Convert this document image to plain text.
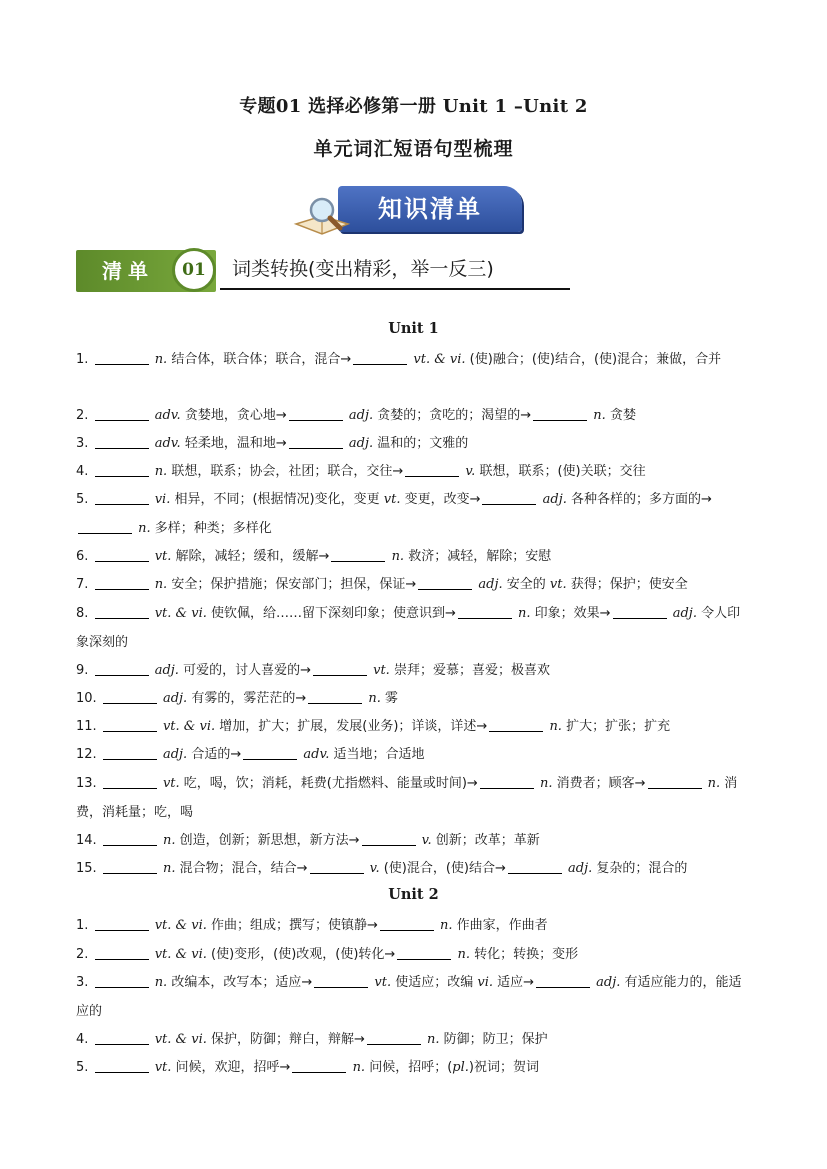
专题01 选择必修第一册 Unit 1 –Unit 2
单元词汇短语句型梳理
知识清单
清单	01	词类转换(变出精彩，举一反三)
Unit 1
1.	n. 结合体，联合体；联合，混合→	vt. & vi. (使)融合；(使)结合，(使)混合；兼做，合并
2.	adv. 贪婪地，贪心地→	adj. 贪婪的；贪吃的；渴望的→	n. 贪婪
3.	adv. 轻柔地，温和地→	adj. 温和的；文雅的
4.	n. 联想，联系；协会，社团；联合，交往→	v. 联想，联系；(使)关联；交往
5.	vi. 相异，不同；(根据情况)变化，变更 vt. 变更，改变→	adj. 各种各样的；多方面的→ n. 多样；种类；多样化
6.	vt. 解除，减轻；缓和，缓解→	n. 救济；减轻，解除；安慰
7.	n. 安全；保护措施；保安部门；担保，保证→	adj. 安全的 vt. 获得；保护；使安全
8.	vt. & vi. 使钦佩，给……留下深刻印象；使意识到→	n. 印象；效果→	adj. 令人印象深刻的
9.	adj. 可爱的，讨人喜爱的→	vt. 崇拜；爱慕；喜爱；极喜欢
10.	adj. 有雾的，雾茫茫的→	n. 雾
11.	vt. & vi. 增加，扩大；扩展，发展(业务)；详谈，详述→	n. 扩大；扩张；扩充
12.	adj. 合适的→	adv. 适当地；合适地
13.	vt. 吃，喝，饮；消耗，耗费(尤指燃料、能量或时间)→	n. 消费者；顾客→	n. 消费，消耗量；吃，喝
14.	n. 创造，创新；新思想，新方法→	v. 创新；改革；革新
15.	n. 混合物；混合，结合→	v. (使)混合，(使)结合→	adj. 复杂的；混合的
Unit 2
1.	vt. & vi. 作曲；组成；撰写；使镇静→	n. 作曲家，作曲者
2.	vt. & vi. (使)变形，(使)改观，(使)转化→	n. 转化；转换；变形
3.	n. 改编本，改写本；适应→	vt. 使适应；改编 vi. 适应→	adj. 有适应能力的，能适应的
4.	vt. & vi. 保护，防御；辩白，辩解→	n. 防御；防卫；保护
5.	vt. 问候，欢迎，招呼→	n. 问候，招呼；(pl.)祝词；贺词
